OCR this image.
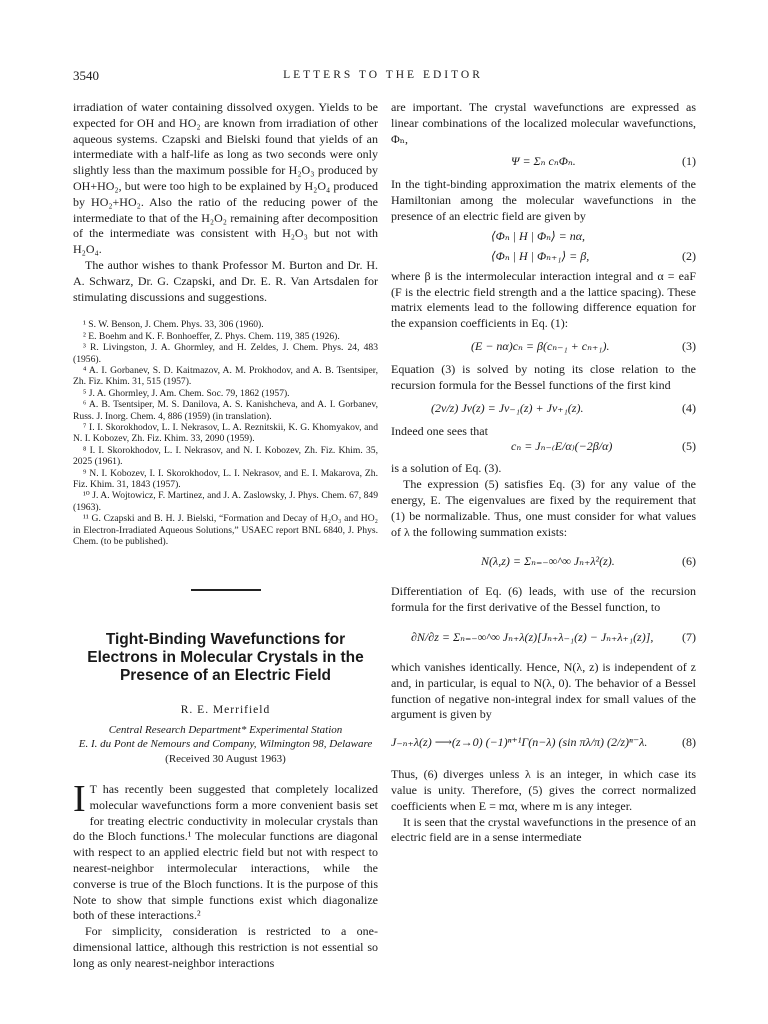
3540	LETTERS TO THE EDITOR

irradiation of water containing dissolved oxygen. Yields to be expected for OH and HO₂ are known from irradiation of other aqueous systems. Czapski and Bielski found that yields of an intermediate with a half-life as long as two seconds were only slightly less than the maximum possible for H₂O₃ produced by OH+HO₂, but were too high to be explained by H₂O₄ produced by HO₂+HO₂. Also the ratio of the reducing power of the intermediate to that of the H₂O₂ remaining after decomposition of the intermediate was consistent with H₂O₃ but not with H₂O₄.

The author wishes to thank Professor M. Burton and Dr. H. A. Schwarz, Dr. G. Czapski, and Dr. E. R. Van Artsdalen for stimulating discussions and suggestions.

¹ S. W. Benson, J. Chem. Phys. 33, 306 (1960).
² E. Boehm and K. F. Bonhoeffer, Z. Phys. Chem. 119, 385 (1926).
³ R. Livingston, J. A. Ghormley, and H. Zeldes, J. Chem. Phys. 24, 483 (1956).
⁴ A. I. Gorbanev, S. D. Kaitmazov, A. M. Prokhodov, and A. B. Tsentsiper, Zh. Fiz. Khim. 31, 515 (1957).
⁵ J. A. Ghormley, J. Am. Chem. Soc. 79, 1862 (1957).
⁶ A. B. Tsentsiper, M. S. Danilova, A. S. Kanishcheva, and A. I. Gorbanev, Russ. J. Inorg. Chem. 4, 886 (1959) (in translation).
⁷ I. I. Skorokhodov, L. I. Nekrasov, L. A. Reznitskii, K. G. Khomyakov, and N. I. Kobozev, Zh. Fiz. Khim. 33, 2090 (1959).
⁸ I. I. Skorokhodov, L. I. Nekrasov, and N. I. Kobozev, Zh. Fiz. Khim. 35, 2025 (1961).
⁹ N. I. Kobozev, I. I. Skorokhodov, L. I. Nekrasov, and E. I. Makarova, Zh. Fiz. Khim. 31, 1843 (1957).
¹⁰ J. A. Wojtowicz, F. Martinez, and J. A. Zaslowsky, J. Phys. Chem. 67, 849 (1963).
¹¹ G. Czapski and B. H. J. Bielski, “Formation and Decay of H₂O₃ and HO₂ in Electron-Irradiated Aqueous Solutions,” USAEC report BNL 6840, J. Phys. Chem. (to be published).
Tight-Binding Wavefunctions for Electrons in Molecular Crystals in the Presence of an Electric Field
R. E. Merrifield
Central Research Department* Experimental Station
E. I. du Pont de Nemours and Company, Wilmington 98, Delaware
(Received 30 August 1963)

I T has recently been suggested that completely localized molecular wavefunctions form a more convenient basis set for treating electric conductivity in molecular crystals than do the Bloch functions.¹ The molecular functions are diagonal with respect to an applied electric field but not with respect to nearest-neighbor intermolecular interactions, while the converse is true of the Bloch functions. It is the purpose of this Note to show that simple functions exist which diagonalize both of these interactions.²

For simplicity, consideration is restricted to a one-dimensional lattice, although this restriction is not essential so long as only nearest-neighbor interactions

are important. The crystal wavefunctions are expressed as linear combinations of the localized molecular wavefunctions, Φₙ,

Ψ = Σₙ cₙΦₙ.	(1)

In the tight-binding approximation the matrix elements of the Hamiltonian among the molecular wavefunctions in the presence of an electric field are given by

⟨Φₙ | H | Φₙ⟩ = nα,
⟨Φₙ | H | Φₙ₊₁⟩ = β,	(2)

where β is the intermolecular interaction integral and α = eaF (F is the electric field strength and a the lattice spacing). These matrix elements lead to the following difference equation for the expansion coefficients in Eq. (1):

(E − nα)cₙ = β(cₙ₋₁ + cₙ₊₁).	(3)

Equation (3) is solved by noting its close relation to the recursion formula for the Bessel functions of the first kind

(2ν/z) Jν(z) = Jν₋₁(z) + Jν₊₁(z).	(4)

Indeed one sees that

cₙ = Jₙ₋₍E/α₎(−2β/α)	(5)

is a solution of Eq. (3).

The expression (5) satisfies Eq. (3) for any value of the energy, E. The eigenvalues are fixed by the requirement that (1) be normalizable. Thus, one must consider for what values of λ the following summation exists:

N(λ,z) = Σₙ₌₋∞^∞ Jₙ₊λ²(z).	(6)

Differentiation of Eq. (6) leads, with use of the recursion formula for the first derivative of the Bessel function, to

∂N/∂z = Σₙ₌₋∞^∞ Jₙ₊λ(z)[Jₙ₊λ₋₁(z) − Jₙ₊λ₊₁(z)], (7)

which vanishes identically. Hence, N(λ, z) is independent of z and, in particular, is equal to N(λ, 0). The behavior of a Bessel function of negative non-integral index for small values of the argument is given by

J₋ₙ₊λ(z) ⟶(z→0) (−1)ⁿ⁺¹Γ(n−λ) (sin πλ/π) (2/z)ⁿ⁻λ.	(8)

Thus, (6) diverges unless λ is an integer, in which case its value is unity. Therefore, (5) gives the correct normalized coefficients when E = mα, where m is any integer.

It is seen that the crystal wavefunctions in the presence of an electric field are in a sense intermediate
